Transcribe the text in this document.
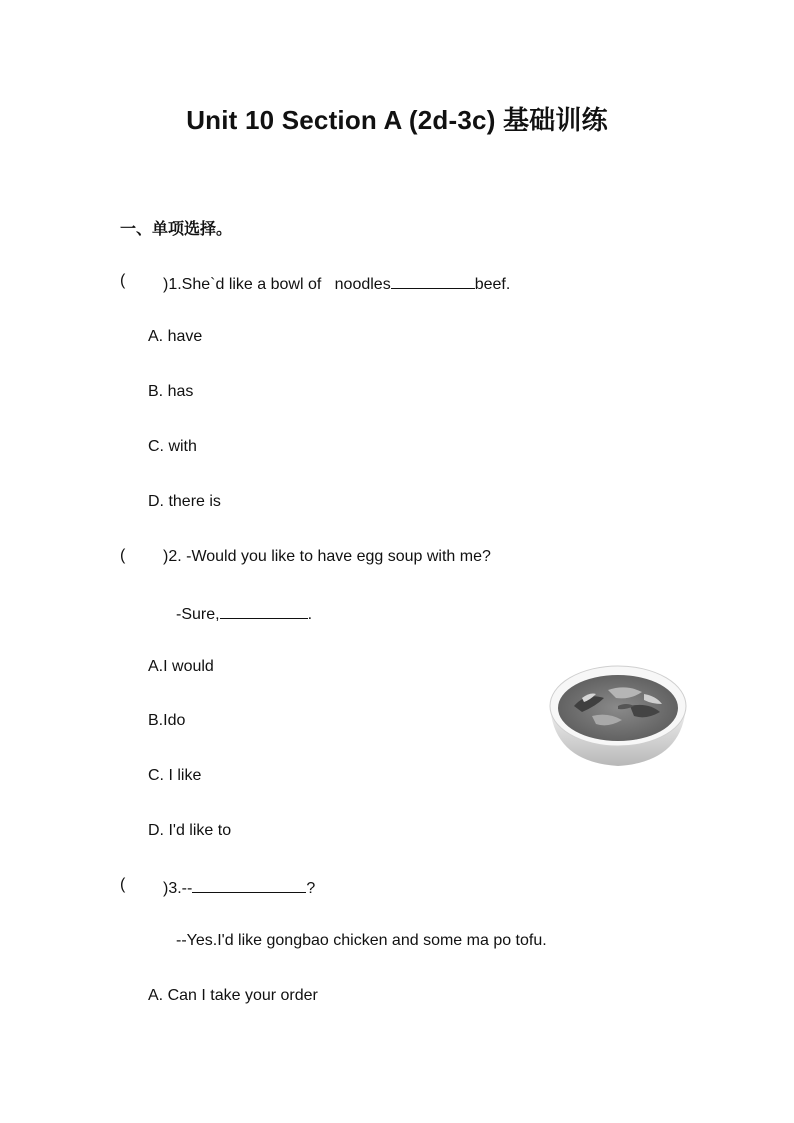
Unit 10 Section A (2d-3c) 基础训练
一、单项选择。
( )1.She`d like a bowl of   noodles	beef.
A. have
B. has
C. with
D. there is
( )2. -Would you like to have egg soup with me?
-Sure,	.
A.I would
B.Ido
C. I like
D. I'd like to
( )3.--	?
--Yes.I'd like gongbao chicken and some ma po tofu.
A. Can I take your order
